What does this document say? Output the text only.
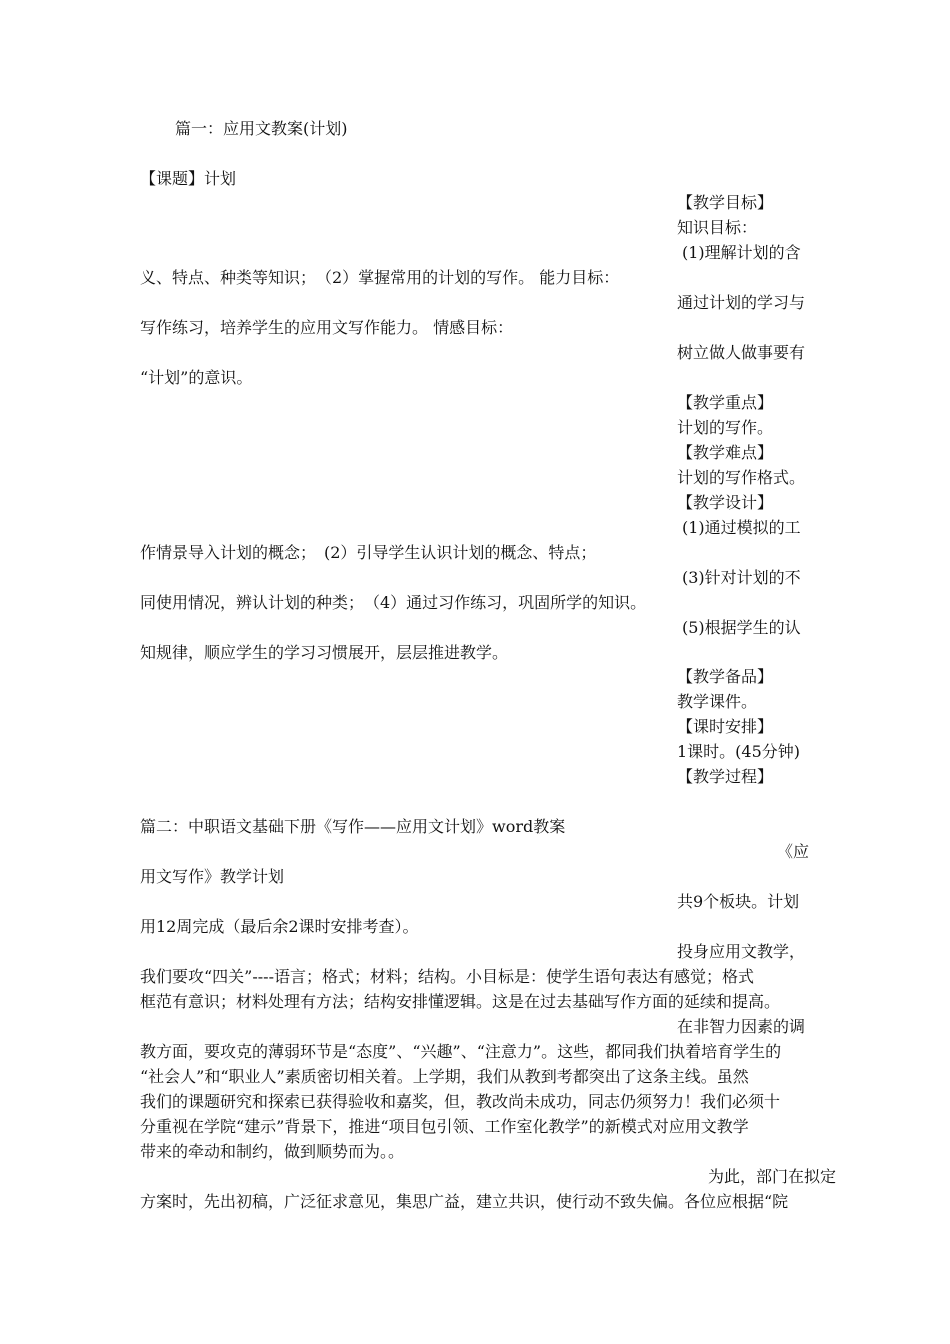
篇一：应用文教案(计划)
【课题】计划
【教学目标】
知识目标：
(1)理解计划的含
义、特点、种类等知识；　（2）掌握常用的计划的写作。 能力目标：
通过计划的学习与
写作练习，培养学生的应用文写作能力。 情感目标：
树立做人做事要有
“计划”的意识。
【教学重点】
计划的写作。
【教学难点】
计划的写作格式。
【教学设计】
(1)通过模拟的工
作情景导入计划的概念；　(2）引导学生认识计划的概念、特点；
(3)针对计划的不
同使用情况，辨认计划的种类；　（4）通过习作练习，巩固所学的知识。
(5)根据学生的认
知规律，顺应学生的学习习惯展开，层层推进教学。
【教学备品】
教学课件。
【课时安排】
1课时。(45分钟)
【教学过程】
篇二：中职语文基础下册《写作——应用文计划》word教案
《应
用文写作》教学计划
共9个板块。计划
用12周完成（最后余2课时安排考查）。
投身应用文教学，
我们要攻“四关”----语言；格式；材料；结构。小目标是：使学生语句表达有感觉；格式
框范有意识；材料处理有方法；结构安排懂逻辑。这是在过去基础写作方面的延续和提高。
在非智力因素的调
教方面，要攻克的薄弱环节是“态度”、“兴趣”、“注意力”。这些，都同我们执着培育学生的
“社会人”和“职业人”素质密切相关着。上学期，我们从教到考都突出了这条主线。虽然
我们的课题研究和探索已获得验收和嘉奖，但，教改尚未成功，同志仍须努力！我们必须十
分重视在学院“建示”背景下，推进“项目包引领、工作室化教学”的新模式对应用文教学
带来的牵动和制约，做到顺势而为。。
为此，部门在拟定
方案时，先出初稿，广泛征求意见，集思广益，建立共识，使行动不致失偏。各位应根据“院
